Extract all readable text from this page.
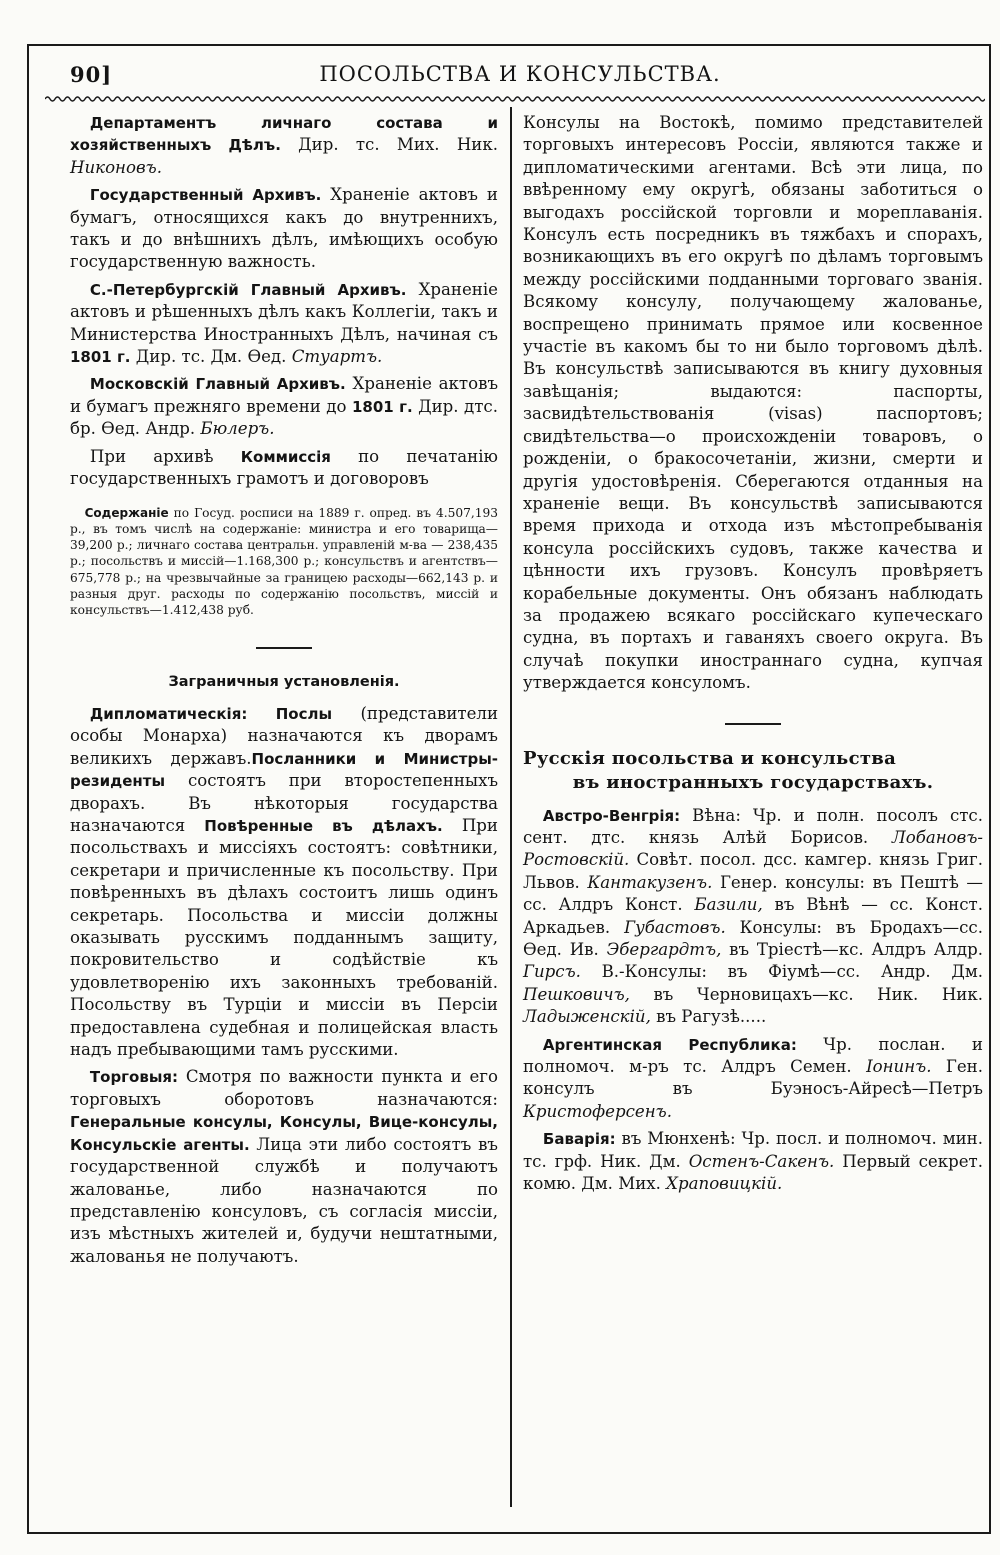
90]	ПОСОЛЬСТВА И КОНСУЛЬСТВА.

Департаментъ личнаго состава и хозяйственныхъ Дѣлъ. Дир. тс. Мих. Ник. Никоновъ.

Государственный Архивъ. Храненіе актовъ и бумагъ, относящихся какъ до внутреннихъ, такъ и до внѣшнихъ дѣлъ, имѣющихъ особую государственную важность.

С.-Петербургскій Главный Архивъ. Храненіе актовъ и рѣшенныхъ дѣлъ какъ Коллегіи, такъ и Министерства Иностранныхъ Дѣлъ, начиная съ 1801 г. Дир. тс. Дм. Ѳед. Стуартъ.

Московскій Главный Архивъ. Храненіе актовъ и бумагъ прежняго времени до 1801 г. Дир. дтс. бр. Ѳед. Андр. Бюлеръ.

При архивѣ Коммиссія по печатанію государственныхъ грамотъ и договоровъ

Содержаніе по Госуд. росписи на 1889 г. опред. въ 4.507,193 р., въ томъ числѣ на содержаніе: министра и его товарища—39,200 р.; личнаго состава центральн. управленій м-ва — 238,435 р.; посольствъ и миссій—1.168,300 р.; консульствъ и агентствъ—675,778 р.; на чрезвычайные за границею расходы—662,143 р. и разныя друг. расходы по содержанію посольствъ, миссій и консульствъ—1.412,438 руб.

Заграничныя установленія.

Дипломатическія: Послы (представители особы Монарха) назначаются къ дворамъ великихъ державъ.Посланники и Министры-резиденты состоятъ при второстепенныхъ дворахъ. Въ нѣкоторыя государства назначаются Повѣренные въ дѣлахъ. При посольствахъ и миссіяхъ состоятъ: совѣтники, секретари и причисленные къ посольству. При повѣренныхъ въ дѣлахъ состоитъ лишь одинъ секретарь. Посольства и миссіи должны оказывать русскимъ подданнымъ защиту, покровительство и содѣйствіе къ удовлетворенію ихъ законныхъ требованій. Посольству въ Турціи и миссіи въ Персіи предоставлена судебная и полицейская власть надъ пребывающими тамъ русскими.

Торговыя: Смотря по важности пункта и его торговыхъ оборотовъ назначаются: Генеральные консулы, Консулы, Вице-консулы, Консульскіе агенты. Лица эти либо состоятъ въ государственной службѣ и получаютъ жалованье, либо назначаются по представленію консуловъ, съ согласія миссіи, изъ мѣстныхъ жителей и, будучи нештатными, жалованья не получаютъ.

Консулы на Востокѣ, помимо представителей торговыхъ интересовъ Россіи, являются также и дипломатическими агентами. Всѣ эти лица, по ввѣренному ему округѣ, обязаны заботиться о выгодахъ россійской торговли и мореплаванія. Консулъ есть посредникъ въ тяжбахъ и спорахъ, возникающихъ въ его округѣ по дѣламъ торговымъ между россійскими подданными торговаго званія. Всякому консулу, получающему жалованье, воспрещено принимать прямое или косвенное участіе въ какомъ бы то ни было торговомъ дѣлѣ. Въ консульствѣ записываются въ книгу духовныя завѣщанія; выдаются: паспорты, засвидѣтельствованія (visas) паспортовъ; свидѣтельства—о происхожденіи товаровъ, о рожденіи, о бракосочетаніи, жизни, смерти и другія удостовѣренія. Сберегаются отданныя на храненіе вещи. Въ консульствѣ записываются время прихода и отхода изъ мѣстопребыванія консула россійскихъ судовъ, также качества и цѣнности ихъ грузовъ. Консулъ провѣряетъ корабельные документы. Онъ обязанъ наблюдать за продажею всякаго россійскаго купеческаго судна, въ портахъ и гаваняхъ своего округа. Въ случаѣ покупки иностраннаго судна, купчая утверждается консуломъ.

Русскія посольства и консульства
въ иностранныхъ государствахъ.

Австро-Венгрія: Вѣна: Чр. и полн. посолъ стс. сент. дтс. князь Алѣй Борисов. Лобановъ-Ростовскій. Совѣт. посол. дсс. камгер. князь Григ. Львов. Кантакузенъ. Генер. консулы: въ Пештѣ — сс. Алдръ Конст. Базили, въ Вѣнѣ — сс. Конст. Аркадьев. Губастовъ. Консулы: въ Бродахъ—сс. Ѳед. Ив. Эбергардтъ, въ Тріестѣ—кс. Алдръ Алдр. Гирсъ. В.-Консулы: въ Фіумѣ—сс. Андр. Дм. Пешковичъ, въ Черновицахъ—кс. Ник. Ник. Ладыженскій, въ Рагузѣ.....

Аргентинская Республика: Чр. послан. и полномоч. м-ръ тс. Алдръ Семен. Іонинъ. Ген. консулъ въ Буэносъ-Айресѣ—Петръ Кристоферсенъ.

Баварія: въ Мюнхенѣ: Чр. посл. и полномоч. мин. тс. грф. Ник. Дм. Остенъ-Сакенъ. Первый секрет. комю. Дм. Мих. Храповицкій.
